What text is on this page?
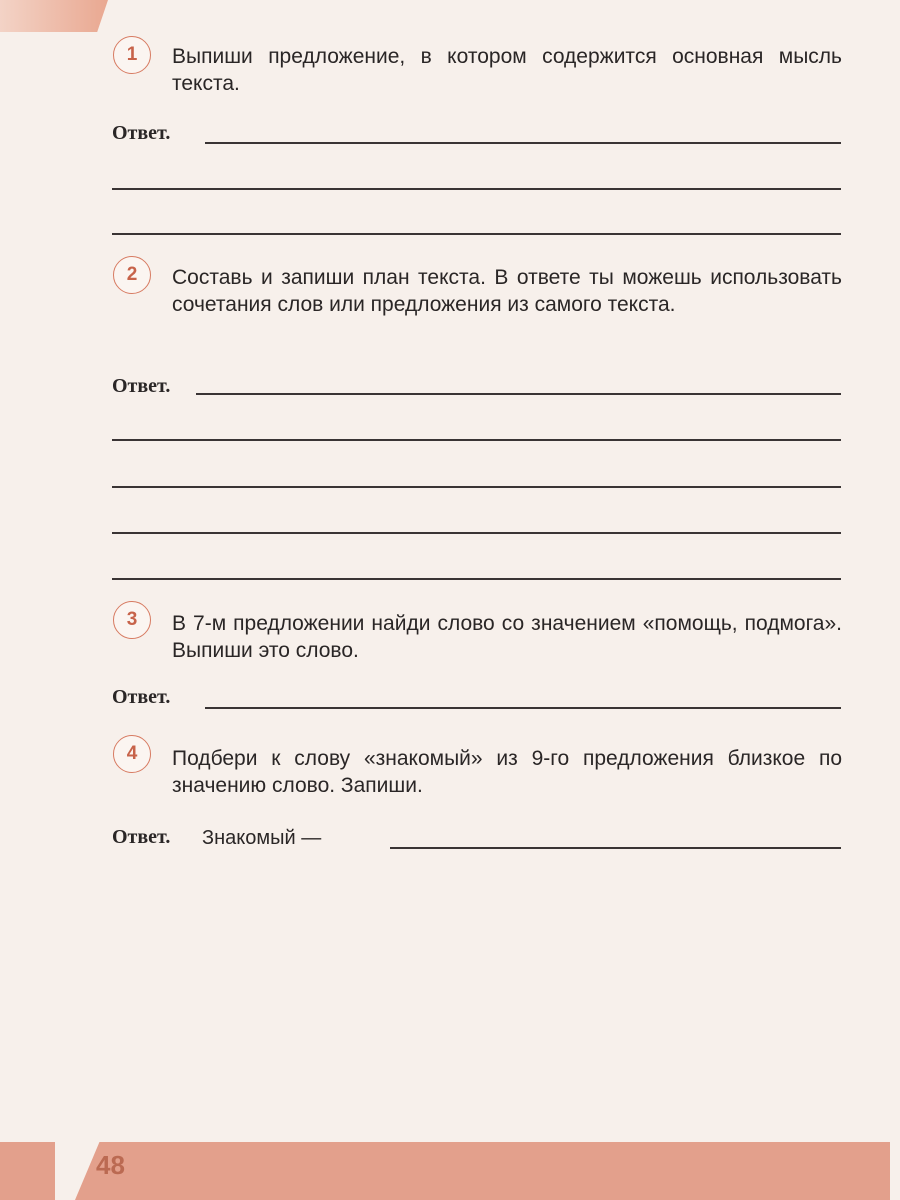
1	Выпиши предложение, в котором содержится основная мысль текста.
Ответ.
2	Составь и запиши план текста. В ответе ты можешь использовать сочетания слов или предложения из самого текста.
Ответ.
3	В 7-м предложении найди слово со значением «помощь, подмога». Выпиши это слово.
Ответ.
4	Подбери к слову «знакомый» из 9-го предложения близкое по значению слово. Запиши.
Ответ. Знакомый —
48
